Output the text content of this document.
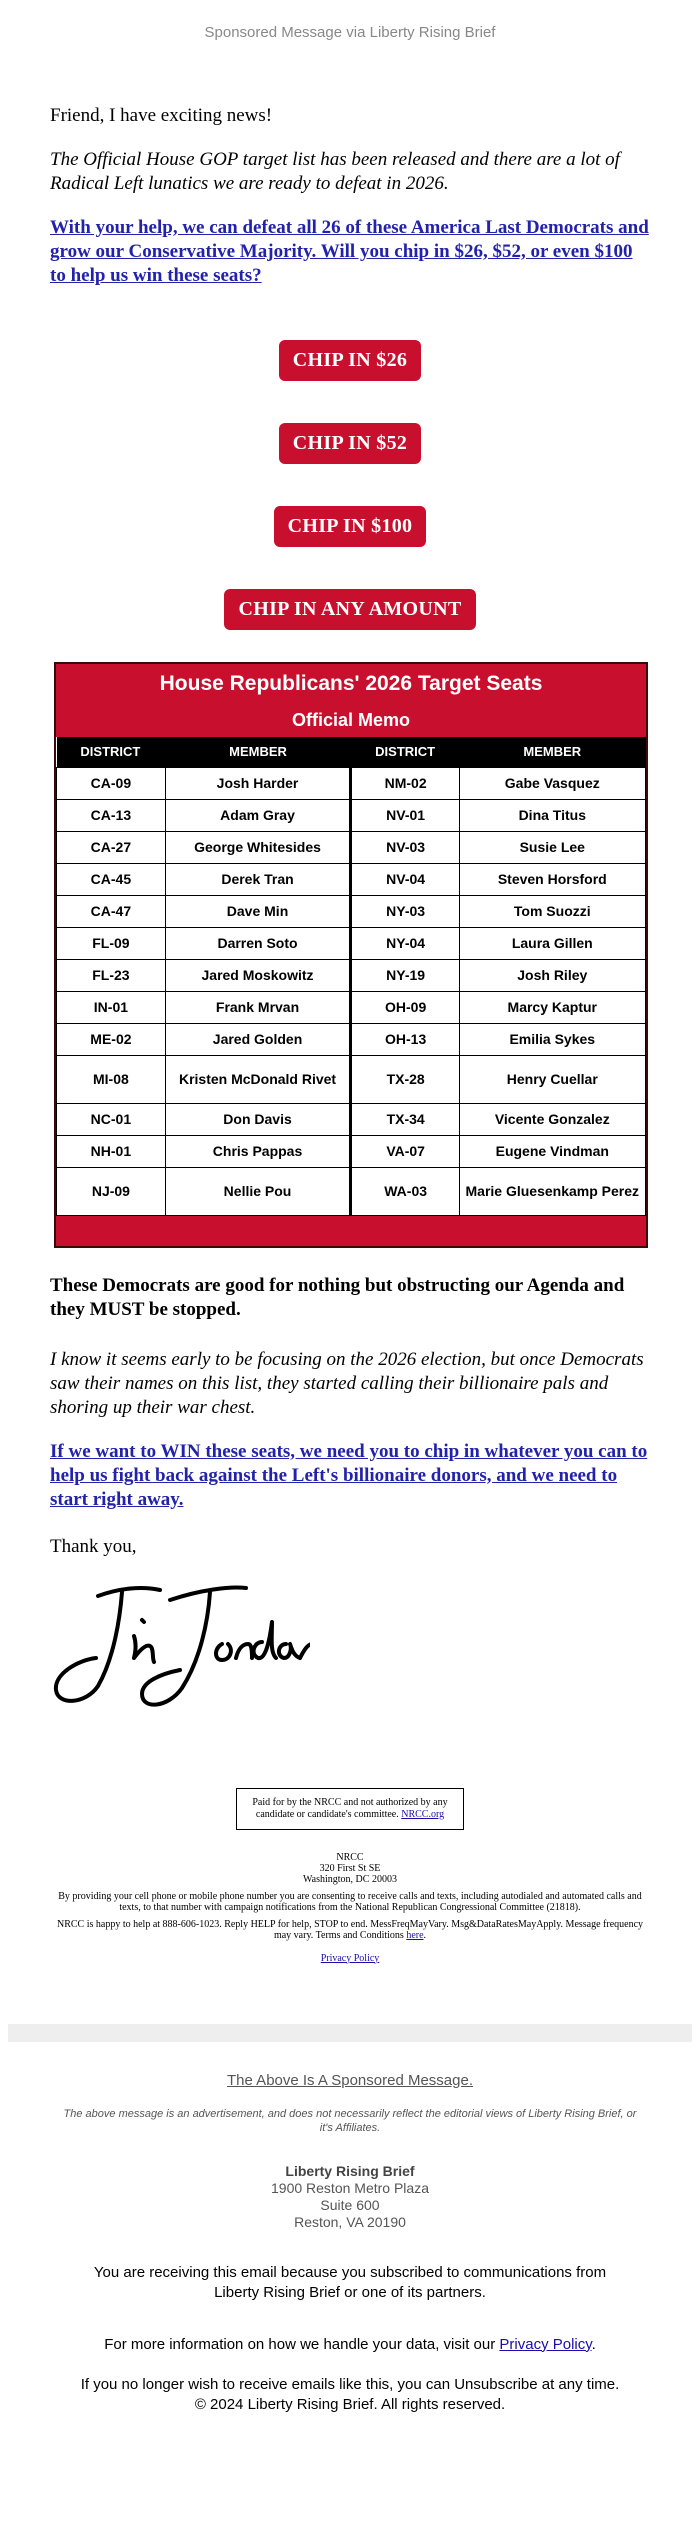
Sponsored Message via Liberty Rising Brief

Friend, I have exciting news!

The Official House GOP target list has been released and there are a lot of Radical Left lunatics we are ready to defeat in 2026.

With your help, we can defeat all 26 of these America Last Democrats and grow our Conservative Majority. Will you chip in $26, $52, or even $100 to help us win these seats?

CHIP IN $26
CHIP IN $52
CHIP IN $100
CHIP IN ANY AMOUNT
House Republicans' 2026 Target Seats
Official Memo
DISTRICT	MEMBER	DISTRICT	MEMBER
CA-09	Josh Harder	NM-02	Gabe Vasquez
CA-13	Adam Gray	NV-01	Dina Titus
CA-27	George Whitesides	NV-03	Susie Lee
CA-45	Derek Tran	NV-04	Steven Horsford
CA-47	Dave Min	NY-03	Tom Suozzi
FL-09	Darren Soto	NY-04	Laura Gillen
FL-23	Jared Moskowitz	NY-19	Josh Riley
IN-01	Frank Mrvan	OH-09	Marcy Kaptur
ME-02	Jared Golden	OH-13	Emilia Sykes
MI-08	Kristen McDonald Rivet	TX-28	Henry Cuellar
NC-01	Don Davis	TX-34	Vicente Gonzalez
NH-01	Chris Pappas	VA-07	Eugene Vindman
NJ-09	Nellie Pou	WA-03	Marie Gluesenkamp Perez

These Democrats are good for nothing but obstructing our Agenda and they MUST be stopped.

I know it seems early to be focusing on the 2026 election, but once Democrats saw their names on this list, they started calling their billionaire pals and shoring up their war chest.

If we want to WIN these seats, we need you to chip in whatever you can to help us fight back against the Left's billionaire donors, and we need to start right away.

Thank you,

Paid for by the NRCC and not authorized by any candidate or candidate's committee. NRCC.org

NRCC
320 First St SE
Washington, DC 20003

By providing your cell phone or mobile phone number you are consenting to receive calls and texts, including autodialed and automated calls and texts, to that number with campaign notifications from the National Republican Congressional Committee (21818).

NRCC is happy to help at 888-606-1023. Reply HELP for help, STOP to end. MessFreqMayVary. Msg&DataRatesMayApply. Message frequency may vary. Terms and Conditions here.

Privacy Policy

The Above Is A Sponsored Message.
The above message is an advertisement, and does not necessarily reflect the editorial views of Liberty Rising Brief, or it's Affiliates.
Liberty Rising Brief
1900 Reston Metro Plaza
Suite 600
Reston, VA 20190
You are receiving this email because you subscribed to communications from Liberty Rising Brief or one of its partners.
For more information on how we handle your data, visit our Privacy Policy.
If you no longer wish to receive emails like this, you can Unsubscribe at any time.
© 2024 Liberty Rising Brief. All rights reserved.
